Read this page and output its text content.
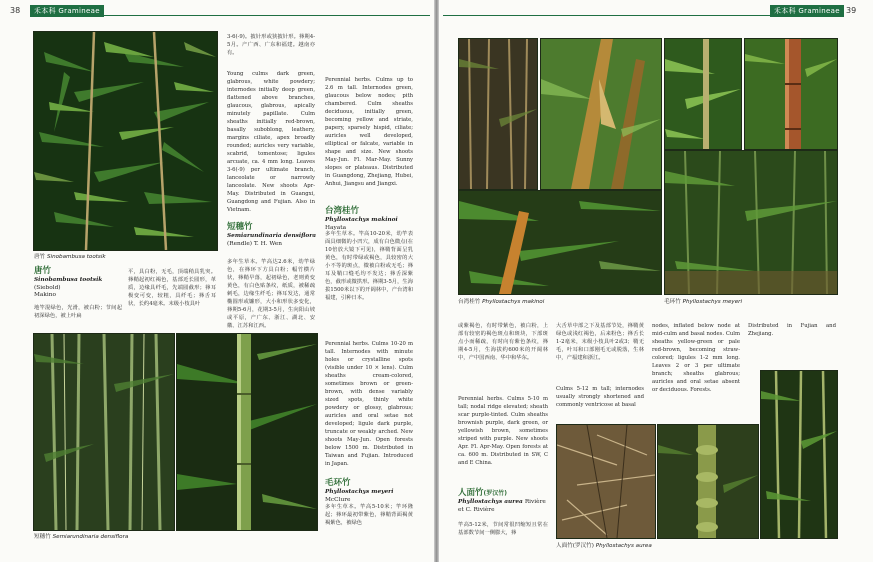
38	禾本科 Gramineae
唐竹 Sinobambusa tootsik
唐竹
Sinobambusa tootsik (Siebold)
Makino
地竿混绿色，光滑，被白粉；节间起初深绿色，被上叶扁
平，具白粉，无毛，顶端稍具乳突。箨鞘起初红褐色，基部近长圆形，革质，边缘具纤毛，先端圆截形；箨耳极变可变，较粗，具纤毛；箨舌耳状，长约4毫米。末级小枝具叶
3-6(-9)。披针形或狭披针形。箨期4-5月。产广西、广东和福建。越南亦有。
Young culms dark green, glabrous, white powdery; internodes initially deep green, flattened above branches, glaucous, glabrous, apically minutely papillate. Culm sheaths initially red-brown, basally suboblong, leathery, margins ciliate, apex broadly rounded; auricles very variable, scabrid, tomentose; ligules arcuate, ca. 4 mm long. Leaves 3-6(-9) per ultimate branch, lanceolate or narrowly lanceolate. New shoots Apr-May. Distributed in Guangxi, Guangdong and Fujian. Also in Vietnam.
短穗竹
Semiarundinaria densiflora
(Rendle) T. H. Wen
多年生草本。竿高达2.6米，幼竿绿色，在箨环下方具白粉；幅竹横片状，箨鞘早落，起初绿色，老则黄变黄色，有白色贴条纹，纸质，被稀疏刺毛，边缘生纤毛；箨耳发达，通常椭圆形或镰形，大小和形状多变化，箨期5-6月，花期3-5月，生向阳山坡或平原，产广东、浙江、湖北、安徽、江苏和江西。
Perennial herbs. Culms up to 2.6 m tall. Internodes green, glaucous below nodes; pith chambered. Culm sheaths deciduous, initially green, becoming yellow and striate, papery, sparsely hispid, ciliate; auricles well developed, elliptical or falcate, variable in shape and size. New shoots May-Jun. Fl. Mar-May. Sunny slopes or plateaus. Distributed in Guangdong, Zhejiang, Hubei, Anhui, Jiangsu and Jiangxi.
台湾桂竹
Phyllostachys makinoi Hayata
多年生草本。竿高10-20米，幼竿表面具细微的小凹穴，成有白色微点(在10倍放大镜下可见)，箨鞘背面呈乳黄色，有时带绿或褐色，具较密的大小不等的斑点，微被白粉或无毛；箨耳及鞘口缝毛均不发达；箨舌深紫色，截形或微拱形。箨期3-5月，生海拔1500米以下的开阔林中，产台湾和福建，引种日本。
Perennial herbs. Culms 10-20 m tall. Internodes with minute holes or crystalline spots (visible under 10 × lens). Culm sheaths cream-colored, sometimes brown or green-brown, with dense variably sized spots, thinly white powdery or glossy, glabrous; auricles and oral setae not developed; ligule dark purple, truncate or weakly arched. New shoots May-Jun. Open forests below 1500 m. Distributed in Taiwan and Fujian. Introduced in Japan.
毛环竹
Phyllostachys meyeri McClure
多年生草本。竿高5-10米；竿环隆起；箨环最初带紫色，箨鞘背面褐黄褐紫色，被绿色
短穗竹 Semiarundinaria densiflora
禾本科 Gramineae 39
台湾桂竹 Phyllostachys makinoi	毛环竹 Phyllostachys meyeri
或紫褐色，有时带紫色，被白粉，上部有较密的褐色斑点和斑块，下部斑点小而稀疏，有时向有紫色条纹，箨期4-5月，生海拔约600米的开阔林中，产中国西南、华中和华东。
Perennial herbs. Culms 5-10 m tall; nodal ridge elevated; sheath scar purple-tinted. Culm sheaths brownish purple, dark green, or yellowish brown, sometimes striped with purple. New shoots Apr. Fl. Apr-May. Open forests at ca. 600 m. Distributed in SW, C and E China.
人面竹(罗汉竹)
Phyllostachys aurea Rivière
et C. Rivière
竿高5-12米，节间常很凹缩短且常在基部数节间一侧膨大，箨
大舌草中部之下及基部节处，箨鞘黄绿色或浅红褐色，后来粉色；箨舌长1-2毫米，末级小枝具叶2或3；鞘无毛，叶耳和口部刚毛无或脱落，生林中，产福建和浙江。
Culms 5-12 m tall; internodes usually strongly shortened and commonly ventricose at basal
nodes, inflated below node at mid-culm and basal nodes. Culm sheaths yellow-green or pale red-brown, becoming straw-colored; ligules 1-2 mm long. Leaves 2 or 3 per ultimate branch; sheaths glabrous; auricles and oral setae absent or deciduous. Forests.
Distributed in Fujian and Zhejiang.
人面竹(罗汉竹) Phyllostachys aurea
